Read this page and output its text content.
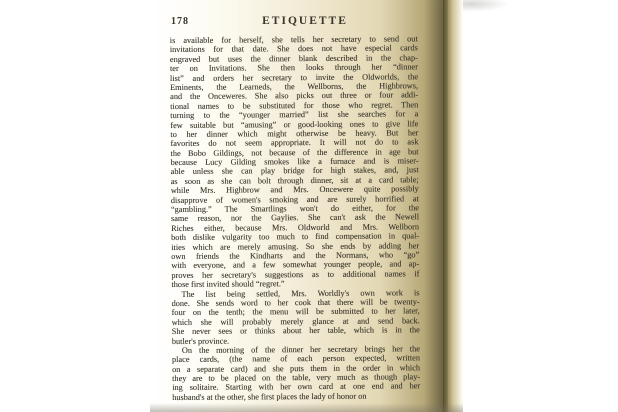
178	ETIQUETTE
is available for herself, she tells her secretary to send out
invitations for that date. She does not have especial cards
engraved but uses the dinner blank described in the chap-
ter on Invitations. She then looks through her “dinner
list” and orders her secretary to invite the Oldworlds, the
Eminents, the Learneds, the Wellborns, the Highbrows,
and the Onceweres. She also picks out three or four addi-
tional names to be substituted for those who regret. Then
turning to the “younger married” list she searches for a
few suitable but “amusing” or good-looking ones to give life
to her dinner which might otherwise be heavy. But her
favorites do not seem appropriate. It will not do to ask
the Bobo Gildings, not because of the difference in age but
because Lucy Gilding smokes like a furnace and is miser-
able unless she can play bridge for high stakes, and, just
as soon as she can bolt through dinner, sit at a card table;
while Mrs. Highbrow and Mrs. Oncewere quite possibly
disapprove of women's smoking and are surely horrified at
“gambling.” The Smartlings won't do either, for the
same reason, nor the Gaylies. She can't ask the Newell
Riches either, because Mrs. Oldworld and Mrs. Wellborn
both dislike vulgarity too much to find compensation in qual-
ities which are merely amusing. So she ends by adding her
own friends the Kindharts and the Normans, who “go”
with everyone, and a few somewhat younger people, and ap-
proves her secretary's suggestions as to additional names if
those first invited should “regret.”
The list being settled, Mrs. Worldly's own work is
done. She sends word to her cook that there will be twenty-
four on the tenth; the menu will be submitted to her later,
which she will probably merely glance at and send back.
She never sees or thinks about her table, which is in the
butler's province.
On the morning of the dinner her secretary brings her the
place cards, (the name of each person expected, written
on a separate card) and she puts them in the order in which
they are to be placed on the table, very much as though play-
ing solitaire. Starting with her own card at one end and her
husband's at the other, she first places the lady of honor on
